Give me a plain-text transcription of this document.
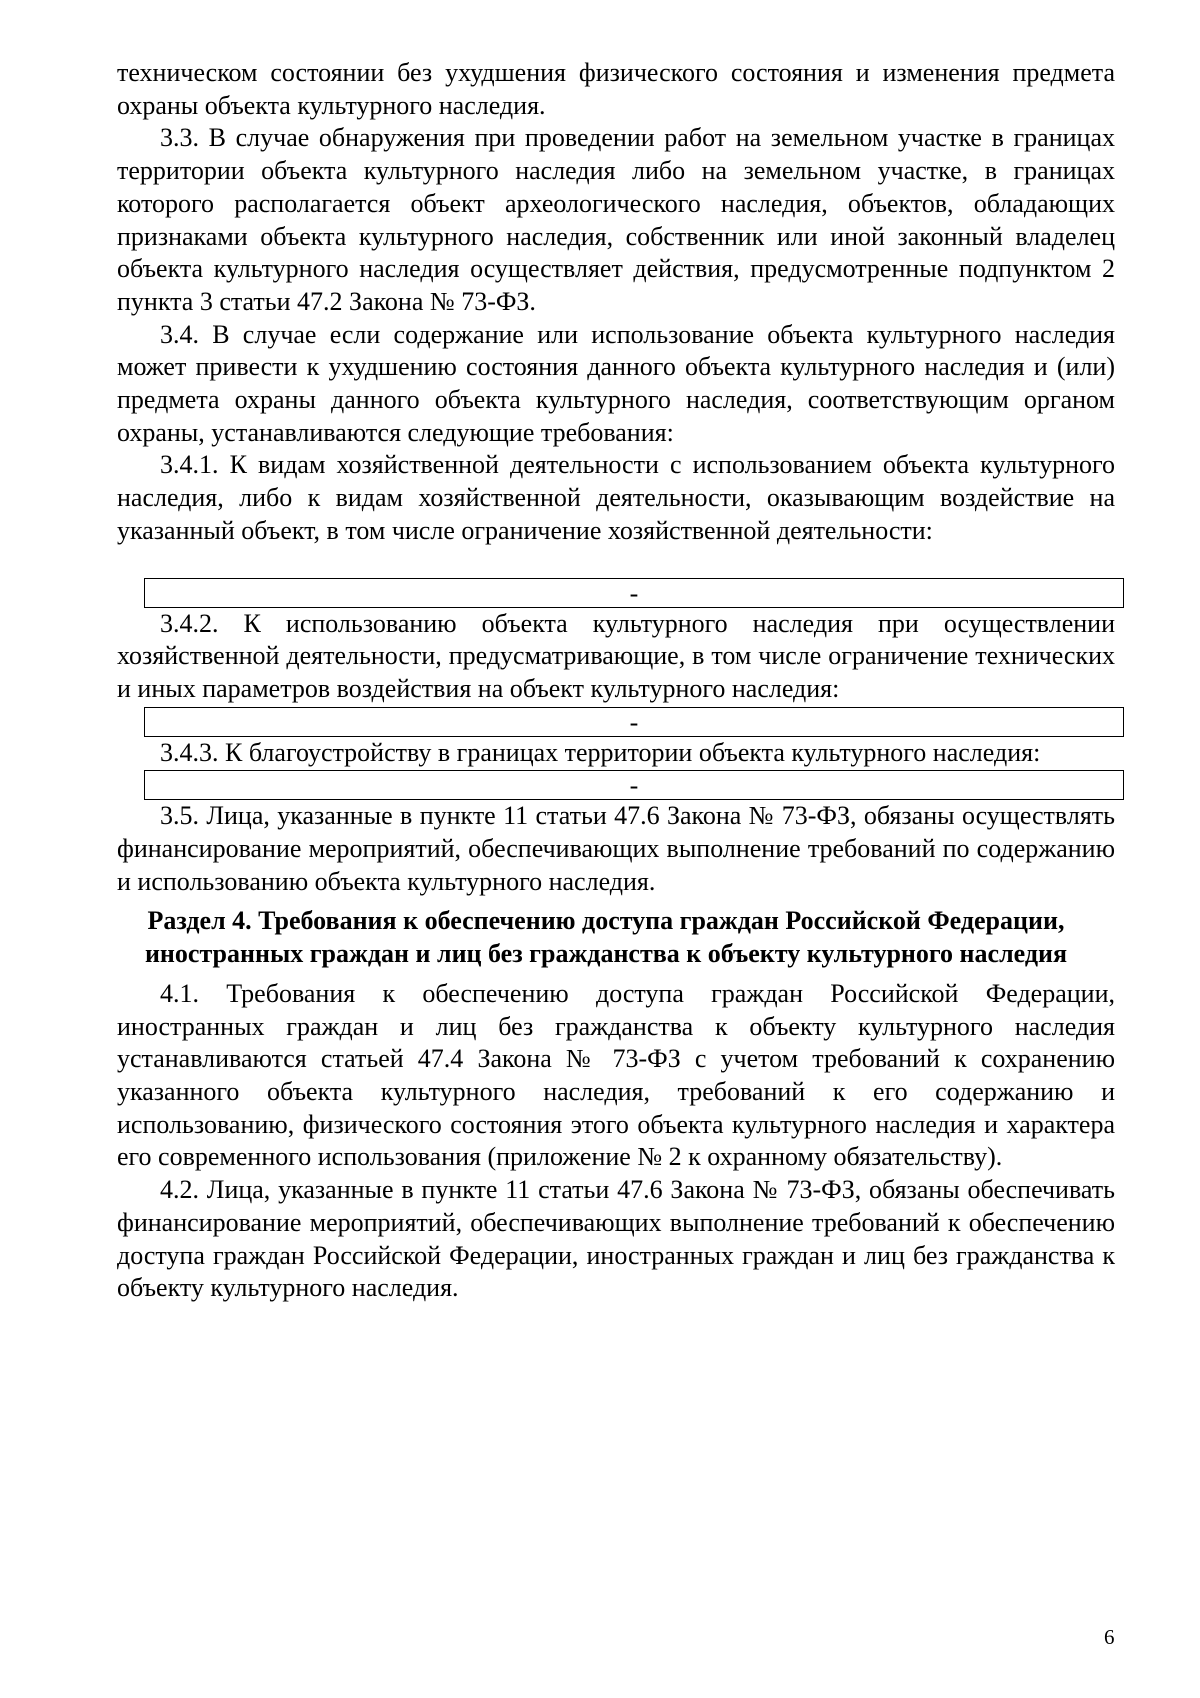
техническом состоянии без ухудшения физического состояния и изменения предмета охраны объекта культурного наследия.

3.3. В случае обнаружения при проведении работ на земельном участке в границах территории объекта культурного наследия либо на земельном участке, в границах которого располагается объект археологического наследия, объектов, обладающих признаками объекта культурного наследия, собственник или иной законный владелец объекта культурного наследия осуществляет действия, предусмотренные подпунктом 2 пункта 3 статьи 47.2 Закона № 73-ФЗ.

3.4. В случае если содержание или использование объекта культурного наследия может привести к ухудшению состояния данного объекта культурного наследия и (или) предмета охраны данного объекта культурного наследия, соответствующим органом охраны, устанавливаются следующие требования:

3.4.1. К видам хозяйственной деятельности с использованием объекта культурного наследия, либо к видам хозяйственной деятельности, оказывающим воздействие на указанный объект, в том числе ограничение хозяйственной деятельности:

-

3.4.2. К использованию объекта культурного наследия при осуществлении хозяйственной деятельности, предусматривающие, в том числе ограничение технических и иных параметров воздействия на объект культурного наследия:

-

3.4.3. К благоустройству в границах территории объекта культурного наследия:

-

3.5. Лица, указанные в пункте 11 статьи 47.6 Закона № 73-ФЗ, обязаны осуществлять финансирование мероприятий, обеспечивающих выполнение требований по содержанию и использованию объекта культурного наследия.

Раздел 4. Требования к обеспечению доступа граждан Российской Федерации, иностранных граждан и лиц без гражданства к объекту культурного наследия

4.1. Требования к обеспечению доступа граждан Российской Федерации, иностранных граждан и лиц без гражданства к объекту культурного наследия устанавливаются статьей 47.4 Закона № 73-ФЗ с учетом требований к сохранению указанного объекта культурного наследия, требований к его содержанию и использованию, физического состояния этого объекта культурного наследия и характера его современного использования (приложение № 2 к охранному обязательству).

4.2. Лица, указанные в пункте 11 статьи 47.6 Закона № 73-ФЗ, обязаны обеспечивать финансирование мероприятий, обеспечивающих выполнение требований к обеспечению доступа граждан Российской Федерации, иностранных граждан и лиц без гражданства к объекту культурного наследия.

6
